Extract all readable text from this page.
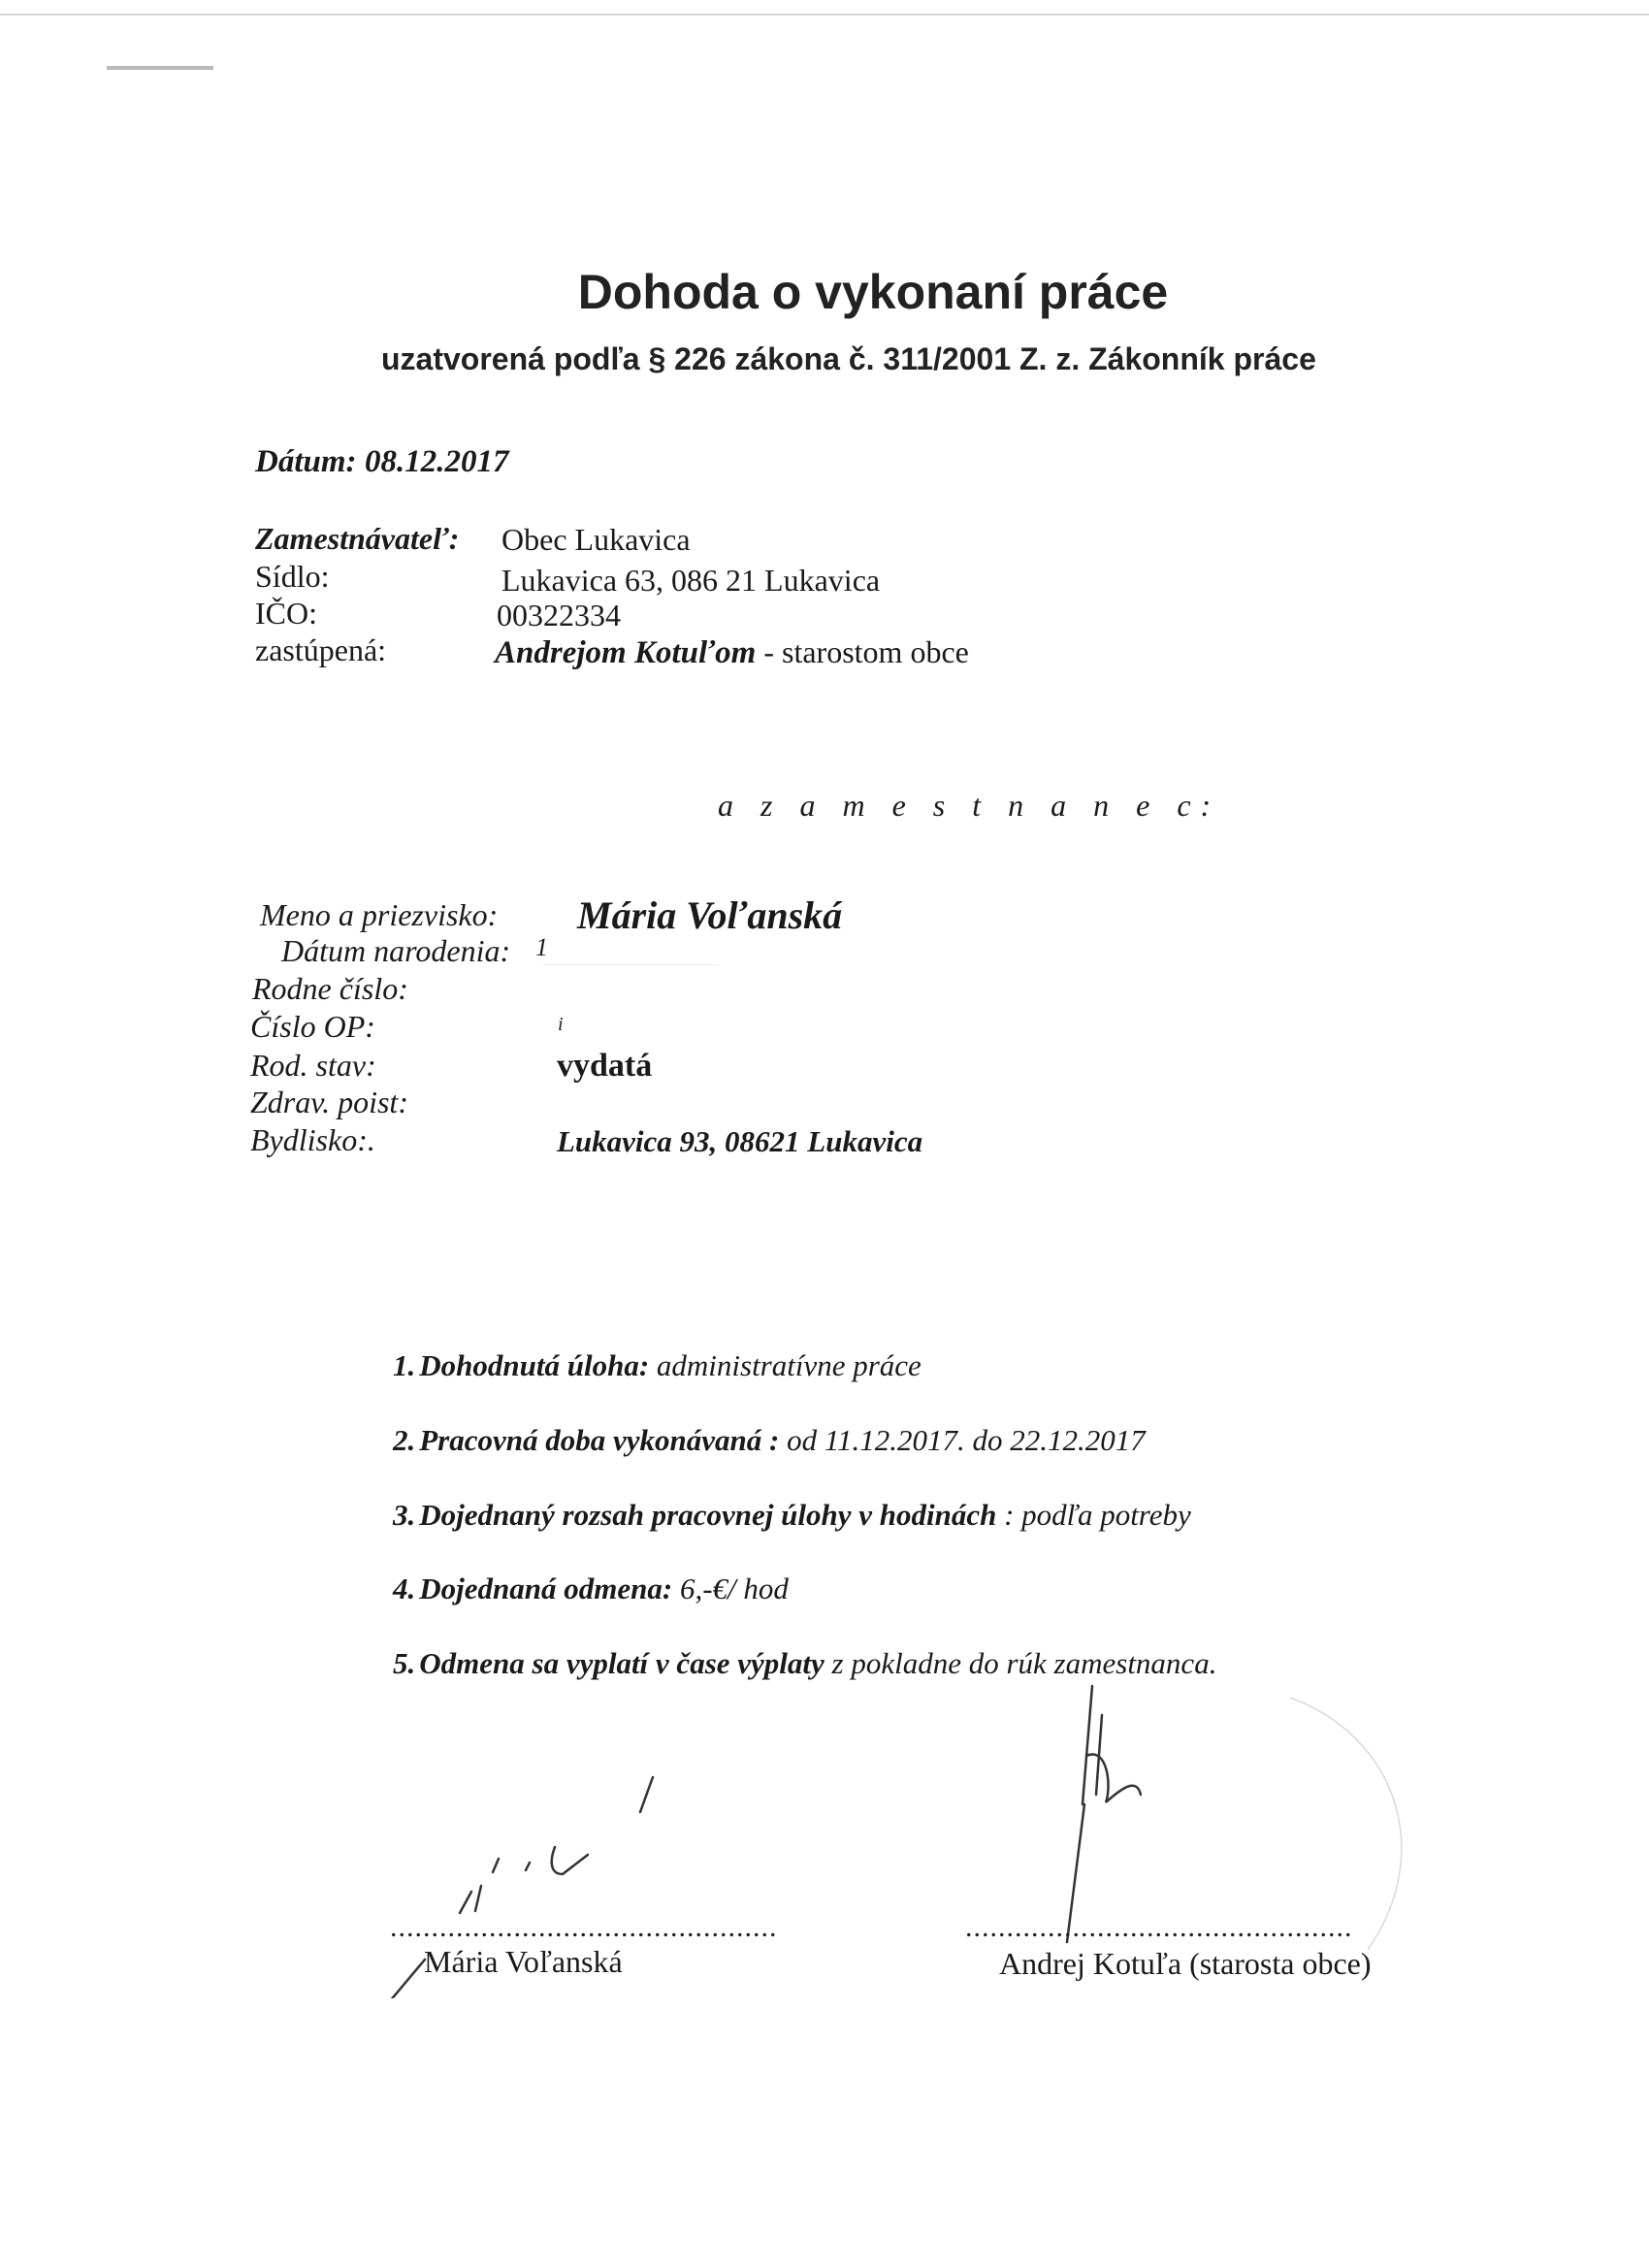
Dohoda o vykonaní práce
uzatvorená podľa § 226 zákona č. 311/2001 Z. z. Zákonník práce
Dátum: 08.12.2017
Zamestnávateľ: Obec Lukavica
Sídlo:	Lukavica 63, 086 21 Lukavica
IČO:	00322334
zastúpená:	Andrejom Kotuľom - starostom obce
a z a m e s t n a n e c:
Meno a priezvisko: Mária Voľanská
Dátum narodenia: 1
Rodne číslo:
Číslo OP:	i
Rod. stav:	vydatá
Zdrav. poist:
Bydlisko:.	Lukavica 93, 08621 Lukavica
1. Dohodnutá úloha: administratívne práce
2. Pracovná doba vykonávaná : od 11.12.2017. do 22.12.2017
3. Dojednaný rozsah pracovnej úlohy v hodinách : podľa potreby
4. Dojednaná odmena: 6,-€/ hod
5. Odmena sa vyplatí v čase výplaty z pokladne do rúk zamestnanca.
...............................................	...............................................
Mária Voľanská	Andrej Kotuľa (starosta obce)
